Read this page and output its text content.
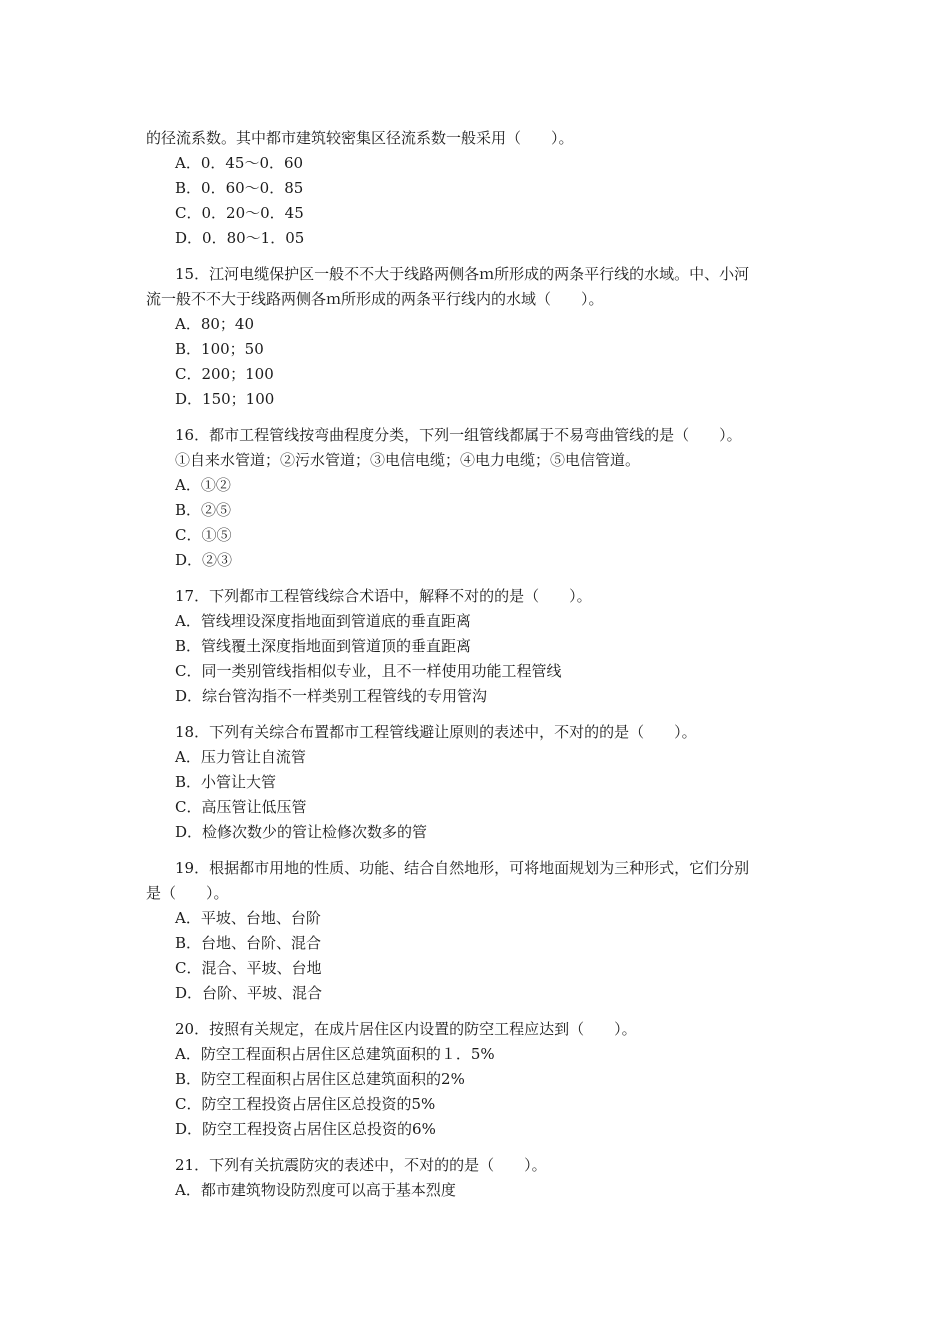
的径流系数。其中都市建筑较密集区径流系数一般采用（　　）。
A．0．45～0．60
B．0．60～0．85
C．0．20～0．45
D．0．80～1．05
15．江河电缆保护区一般不不大于线路两侧各ｍ所形成的两条平行线的水域。中、小河
流一般不不大于线路两侧各ｍ所形成的两条平行线内的水域（　　）。
A．80；40
B．100；50
C．200；100
D．150；100
16．都市工程管线按弯曲程度分类，下列一组管线都属于不易弯曲管线的是（　　）。
①自来水管道；②污水管道；③电信电缆；④电力电缆；⑤电信管道。
A．①②
B．②⑤
C．①⑤
D．②③
17．下列都市工程管线综合术语中，解释不对的的是（　　）。
A．管线埋设深度指地面到管道底的垂直距离
B．管线覆土深度指地面到管道顶的垂直距离
C．同一类别管线指相似专业，且不一样使用功能工程管线
D．综台管沟指不一样类别工程管线的专用管沟
18．下列有关综合布置都市工程管线避让原则的表述中，不对的的是（　　）。
A．压力管让自流管
B．小管让大管
C．高压管让低压管
D．检修次数少的管让检修次数多的管
19．根据都市用地的性质、功能、结合自然地形，可将地面规划为三种形式，它们分别
是（　　）。
A．平坡、台地、台阶
B．台地、台阶、混合
C．混合、平坡、台地
D．台阶、平坡、混合
20．按照有关规定，在成片居住区内设置的防空工程应达到（　　）。
A．防空工程面积占居住区总建筑面积的１．5%
B．防空工程面积占居住区总建筑面积的2%
C．防空工程投资占居住区总投资的5%
D．防空工程投资占居住区总投资的6%
21．下列有关抗震防灾的表述中，不对的的是（　　）。
A．都市建筑物设防烈度可以高于基本烈度
